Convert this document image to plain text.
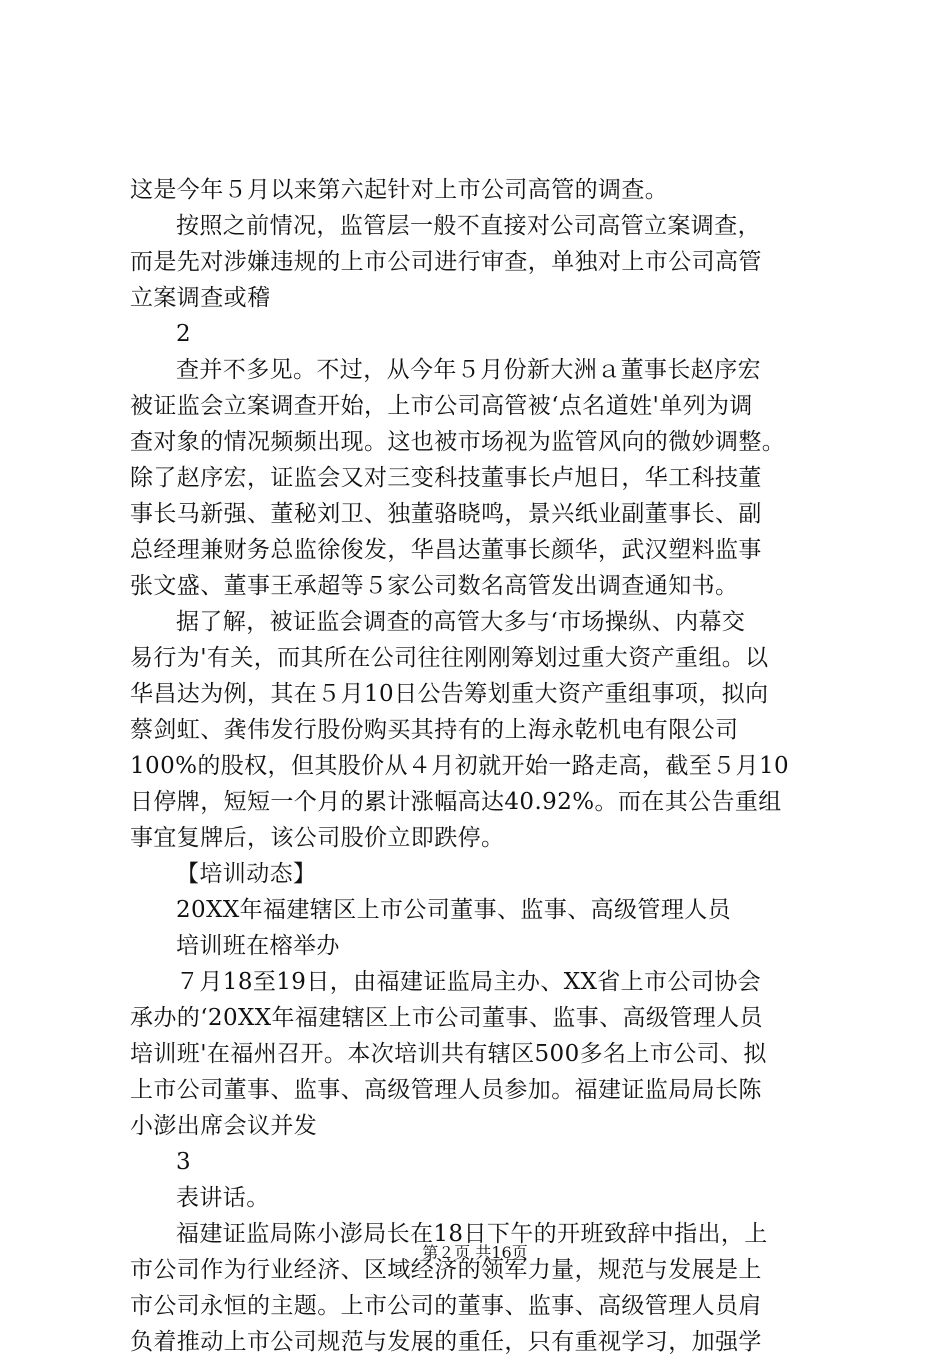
这是今年５月以来第六起针对上市公司高管的调查。
按照之前情况，监管层一般不直接对公司高管立案调查，
而是先对涉嫌违规的上市公司进行审查，单独对上市公司高管
立案调查或稽
2
查并不多见。不过，从今年５月份新大洲ａ董事长赵序宏
被证监会立案调查开始，上市公司高管被‘点名道姓'单列为调
查对象的情况频频出现。这也被市场视为监管风向的微妙调整。
除了赵序宏，证监会又对三变科技董事长卢旭日，华工科技董
事长马新强、董秘刘卫、独董骆晓鸣，景兴纸业副董事长、副
总经理兼财务总监徐俊发，华昌达董事长颜华，武汉塑料监事
张文盛、董事王承超等５家公司数名高管发出调查通知书。
据了解，被证监会调查的高管大多与‘市场操纵、内幕交
易行为'有关，而其所在公司往往刚刚筹划过重大资产重组。以
华昌达为例，其在５月10日公告筹划重大资产重组事项，拟向
蔡剑虹、龚伟发行股份购买其持有的上海永乾机电有限公司
100%的股权，但其股价从４月初就开始一路走高，截至５月10
日停牌，短短一个月的累计涨幅高达40.92%。而在其公告重组
事宜复牌后，该公司股价立即跌停。
【培训动态】
20XX年福建辖区上市公司董事、监事、高级管理人员
培训班在榕举办
７月18至19日，由福建证监局主办、XX省上市公司协会
承办的‘20XX年福建辖区上市公司董事、监事、高级管理人员
培训班'在福州召开。本次培训共有辖区500多名上市公司、拟
上市公司董事、监事、高级管理人员参加。福建证监局局长陈
小澎出席会议并发
3
表讲话。
福建证监局陈小澎局长在18日下午的开班致辞中指出，上
市公司作为行业经济、区域经济的领军力量，规范与发展是上
市公司永恒的主题。上市公司的董事、监事、高级管理人员肩
负着推动上市公司规范与发展的重任，只有重视学习，加强学
第２页 共16页
